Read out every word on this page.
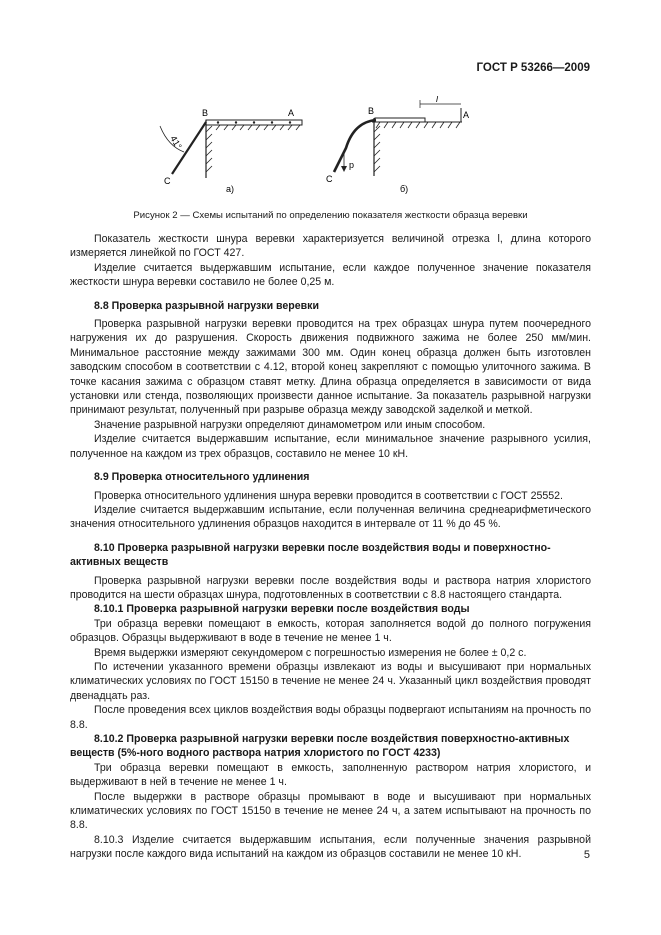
ГОСТ Р 53266—2009
41°
В	А
С
а)
l
р
В	А
С
б)
Рисунок 2 — Схемы испытаний по определению показателя жесткости образца веревки

Показатель жесткости шнура веревки характеризуется величиной отрезка l, длина которого измеряется линейкой по ГОСТ 427.

Изделие считается выдержавшим испытание, если каждое полученное значение показателя жесткости шнура веревки составило не более 0,25 м.

8.8 Проверка разрывной нагрузки веревки

Проверка разрывной нагрузки веревки проводится на трех образцах шнура путем поочередного нагружения их до разрушения. Скорость движения подвижного зажима не более 250 мм/мин. Минимальное расстояние между зажимами 300 мм. Один конец образца должен быть изготовлен заводским способом в соответствии с 4.12, второй конец закрепляют с помощью улиточного зажима. В точке касания зажима с образцом ставят метку. Длина образца определяется в зависимости от вида установки или стенда, позволяющих произвести данное испытание. За показатель разрывной нагрузки принимают результат, полученный при разрыве образца между заводской заделкой и меткой.

Значение разрывной нагрузки определяют динамометром или иным способом.

Изделие считается выдержавшим испытание, если минимальное значение разрывного усилия, полученное на каждом из трех образцов, составило не менее 10 кН.

8.9 Проверка относительного удлинения

Проверка относительного удлинения шнура веревки проводится в соответствии с ГОСТ 25552.

Изделие считается выдержавшим испытание, если полученная величина среднеарифметического значения относительного удлинения образцов находится в интервале от 11 % до 45 %.

8.10 Проверка разрывной нагрузки веревки после воздействия воды и поверхностно-активных веществ

Проверка разрывной нагрузки веревки после воздействия воды и раствора натрия хлористого проводится на шести образцах шнура, подготовленных в соответствии с 8.8 настоящего стандарта.

8.10.1 Проверка разрывной нагрузки веревки после воздействия воды

Три образца веревки помещают в емкость, которая заполняется водой до полного погружения образцов. Образцы выдерживают в воде в течение не менее 1 ч.

Время выдержки измеряют секундомером с погрешностью измерения не более ± 0,2 с.

По истечении указанного времени образцы извлекают из воды и высушивают при нормальных климатических условиях по ГОСТ 15150 в течение не менее 24 ч. Указанный цикл воздействия проводят двенадцать раз.

После проведения всех циклов воздействия воды образцы подвергают испытаниям на прочность по 8.8.

8.10.2 Проверка разрывной нагрузки веревки после воздействия поверхностно-активных веществ (5%-ного водного раствора натрия хлористого по ГОСТ 4233)

Три образца веревки помещают в емкость, заполненную раствором натрия хлористого, и выдерживают в ней в течение не менее 1 ч.

После выдержки в растворе образцы промывают в воде и высушивают при нормальных климатических условиях по ГОСТ 15150 в течение не менее 24 ч, а затем испытывают на прочность по 8.8.

8.10.3 Изделие считается выдержавшим испытания, если полученные значения разрывной нагрузки после каждого вида испытаний на каждом из образцов составили не менее 10 кН.	5
